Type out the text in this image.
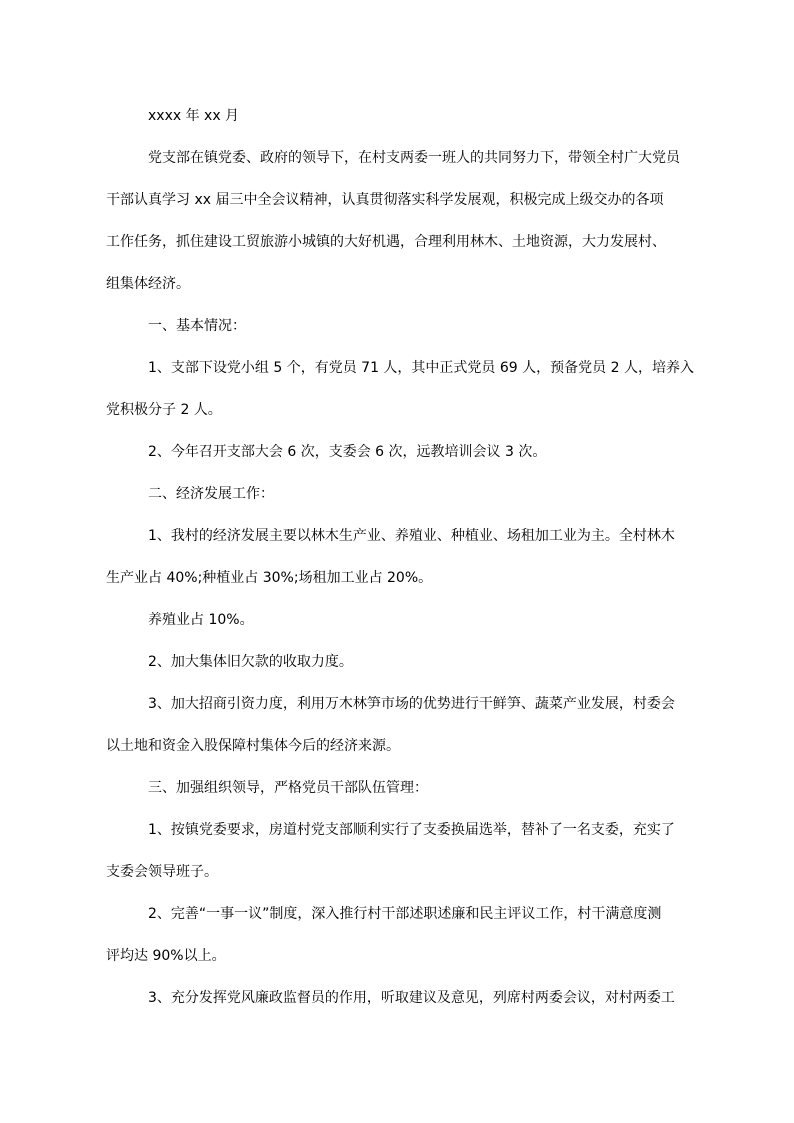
xxxx 年 xx 月
党支部在镇党委、政府的领导下，在村支两委一班人的共同努力下，带领全村广大党员
干部认真学习 xx 届三中全会议精神，认真贯彻落实科学发展观，积极完成上级交办的各项
工作任务，抓住建设工贸旅游小城镇的大好机遇，合理利用林木、土地资源，大力发展村、
组集体经济。
一、基本情况：
1、支部下设党小组 5 个，有党员 71 人，其中正式党员 69 人，预备党员 2 人，培养入
党积极分子 2 人。
2、今年召开支部大会 6 次，支委会 6 次，远教培训会议 3 次。
二、经济发展工作：
1、我村的经济发展主要以林木生产业、养殖业、种植业、场租加工业为主。全村林木
生产业占 40%;种植业占 30%;场租加工业占 20%。
养殖业占 10%。
2、加大集体旧欠款的收取力度。
3、加大招商引资力度，利用万木林笋市场的优势进行干鲜笋、蔬菜产业发展，村委会
以土地和资金入股保障村集体今后的经济来源。
三、加强组织领导，严格党员干部队伍管理：
1、按镇党委要求，房道村党支部顺利实行了支委换届选举，替补了一名支委，充实了
支委会领导班子。
2、完善“一事一议”制度，深入推行村干部述职述廉和民主评议工作，村干满意度测
评均达 90%以上。
3、充分发挥党风廉政监督员的作用，听取建议及意见，列席村两委会议，对村两委工
